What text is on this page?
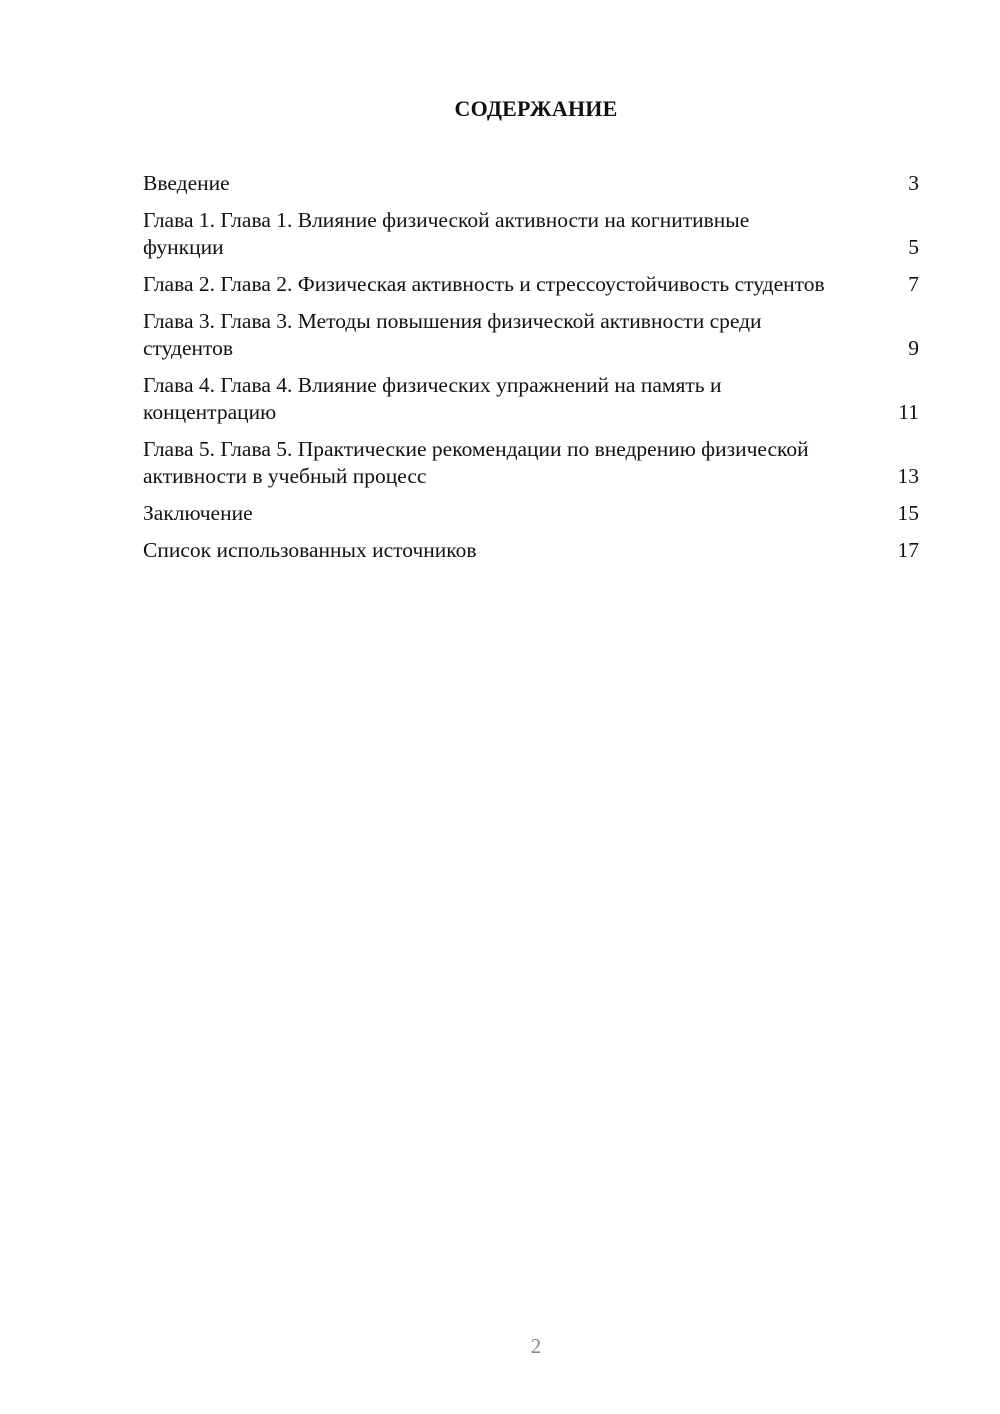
СОДЕРЖАНИЕ
Введение	3
Глава 1. Глава 1. Влияние физической активности на когнитивные функции	5
Глава 2. Глава 2. Физическая активность и стрессоустойчивость студентов	7
Глава 3. Глава 3. Методы повышения физической активности среди студентов	9
Глава 4. Глава 4. Влияние физических упражнений на память и концентрацию	11
Глава 5. Глава 5. Практические рекомендации по внедрению физической активности в учебный процесс	13
Заключение	15
Список использованных источников	17
2
